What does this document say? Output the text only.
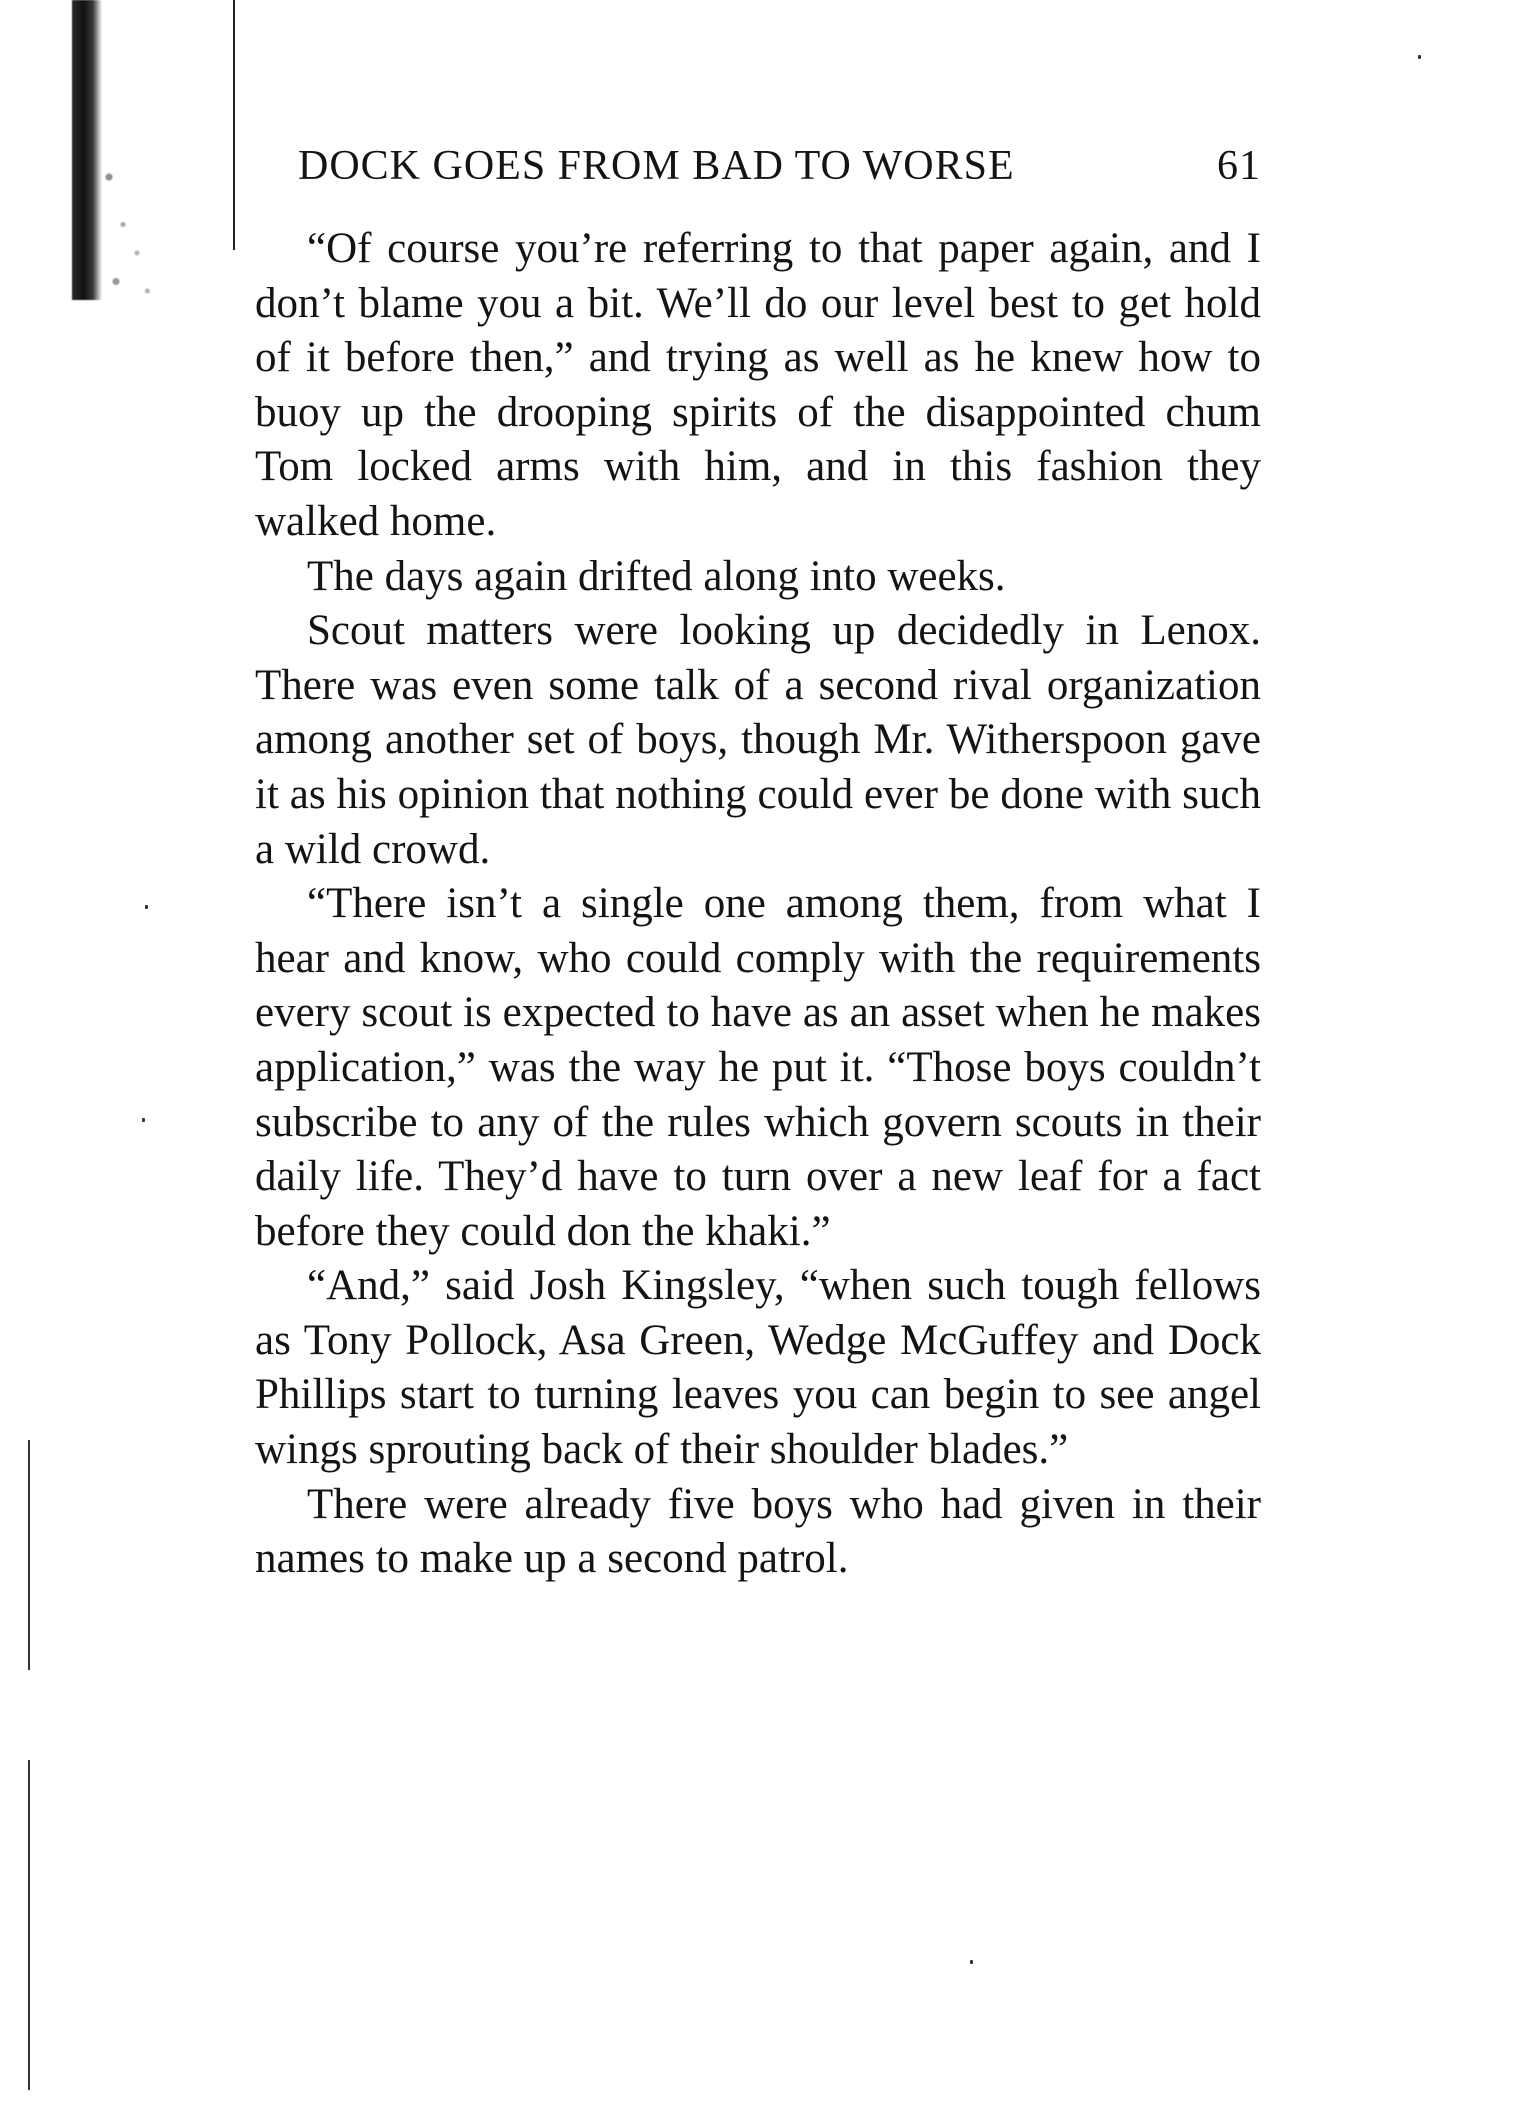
DOCK GOES FROM BAD TO WORSE	61

“Of course you’re referring to that paper again, and I don’t blame you a bit. We’ll do our level best to get hold of it before then,” and trying as well as he knew how to buoy up the drooping spirits of the disappointed chum Tom locked arms with him, and in this fashion they walked home.

The days again drifted along into weeks.

Scout matters were looking up decidedly in Lenox. There was even some talk of a second rival organization among another set of boys, though Mr. Witherspoon gave it as his opinion that nothing could ever be done with such a wild crowd.

“There isn’t a single one among them, from what I hear and know, who could comply with the requirements every scout is expected to have as an asset when he makes application,” was the way he put it. “Those boys couldn’t subscribe to any of the rules which govern scouts in their daily life. They’d have to turn over a new leaf for a fact before they could don the khaki.”

“And,” said Josh Kingsley, “when such tough fellows as Tony Pollock, Asa Green, Wedge McGuffey and Dock Phillips start to turning leaves you can begin to see angel wings sprouting back of their shoulder blades.”

There were already five boys who had given in their names to make up a second patrol.
